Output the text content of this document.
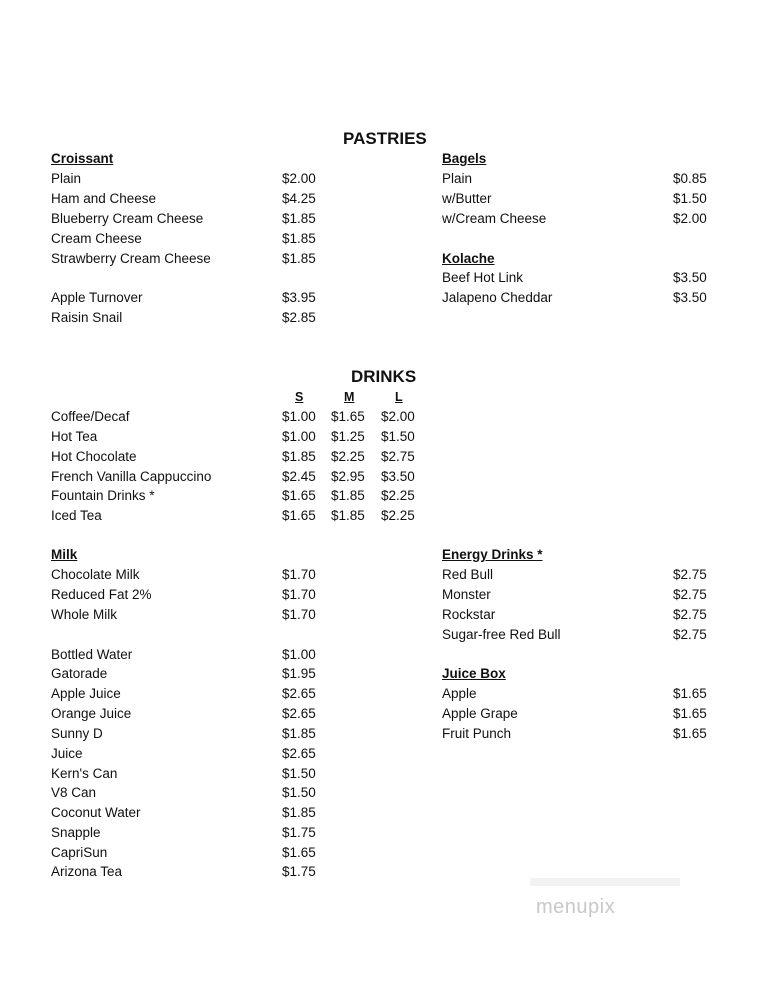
PASTRIES
Croissant
Plain	$2.00
Ham and Cheese	$4.25
Blueberry Cream Cheese	$1.85
Cream Cheese	$1.85
Strawberry Cream Cheese	$1.85
Apple Turnover	$3.95
Raisin Snail	$2.85
Bagels
Plain	$0.85
w/Butter	$1.50
w/Cream Cheese	$2.00
Kolache
Beef Hot Link	$3.50
Jalapeno Cheddar	$3.50
DRINKS
S	M	L
Coffee/Decaf	$1.00 $1.65 $2.00
Hot Tea	$1.00 $1.25 $1.50
Hot Chocolate	$1.85 $2.25 $2.75
French Vanilla Cappuccino	$2.45 $2.95 $3.50
Fountain Drinks *	$1.65 $1.85 $2.25
Iced Tea	$1.65 $1.85 $2.25
Milk
Chocolate Milk	$1.70
Reduced Fat 2%	$1.70
Whole Milk	$1.70
Bottled Water	$1.00
Gatorade	$1.95
Apple Juice	$2.65
Orange Juice	$2.65
Sunny D	$1.85
Juice	$2.65
Kern's Can	$1.50
V8 Can	$1.50
Coconut Water	$1.85
Snapple	$1.75
CapriSun	$1.65
Arizona Tea	$1.75
Energy Drinks *
Red Bull	$2.75
Monster	$2.75
Rockstar	$2.75
Sugar-free Red Bull	$2.75
Juice Box
Apple	$1.65
Apple Grape	$1.65
Fruit Punch	$1.65
menupix
